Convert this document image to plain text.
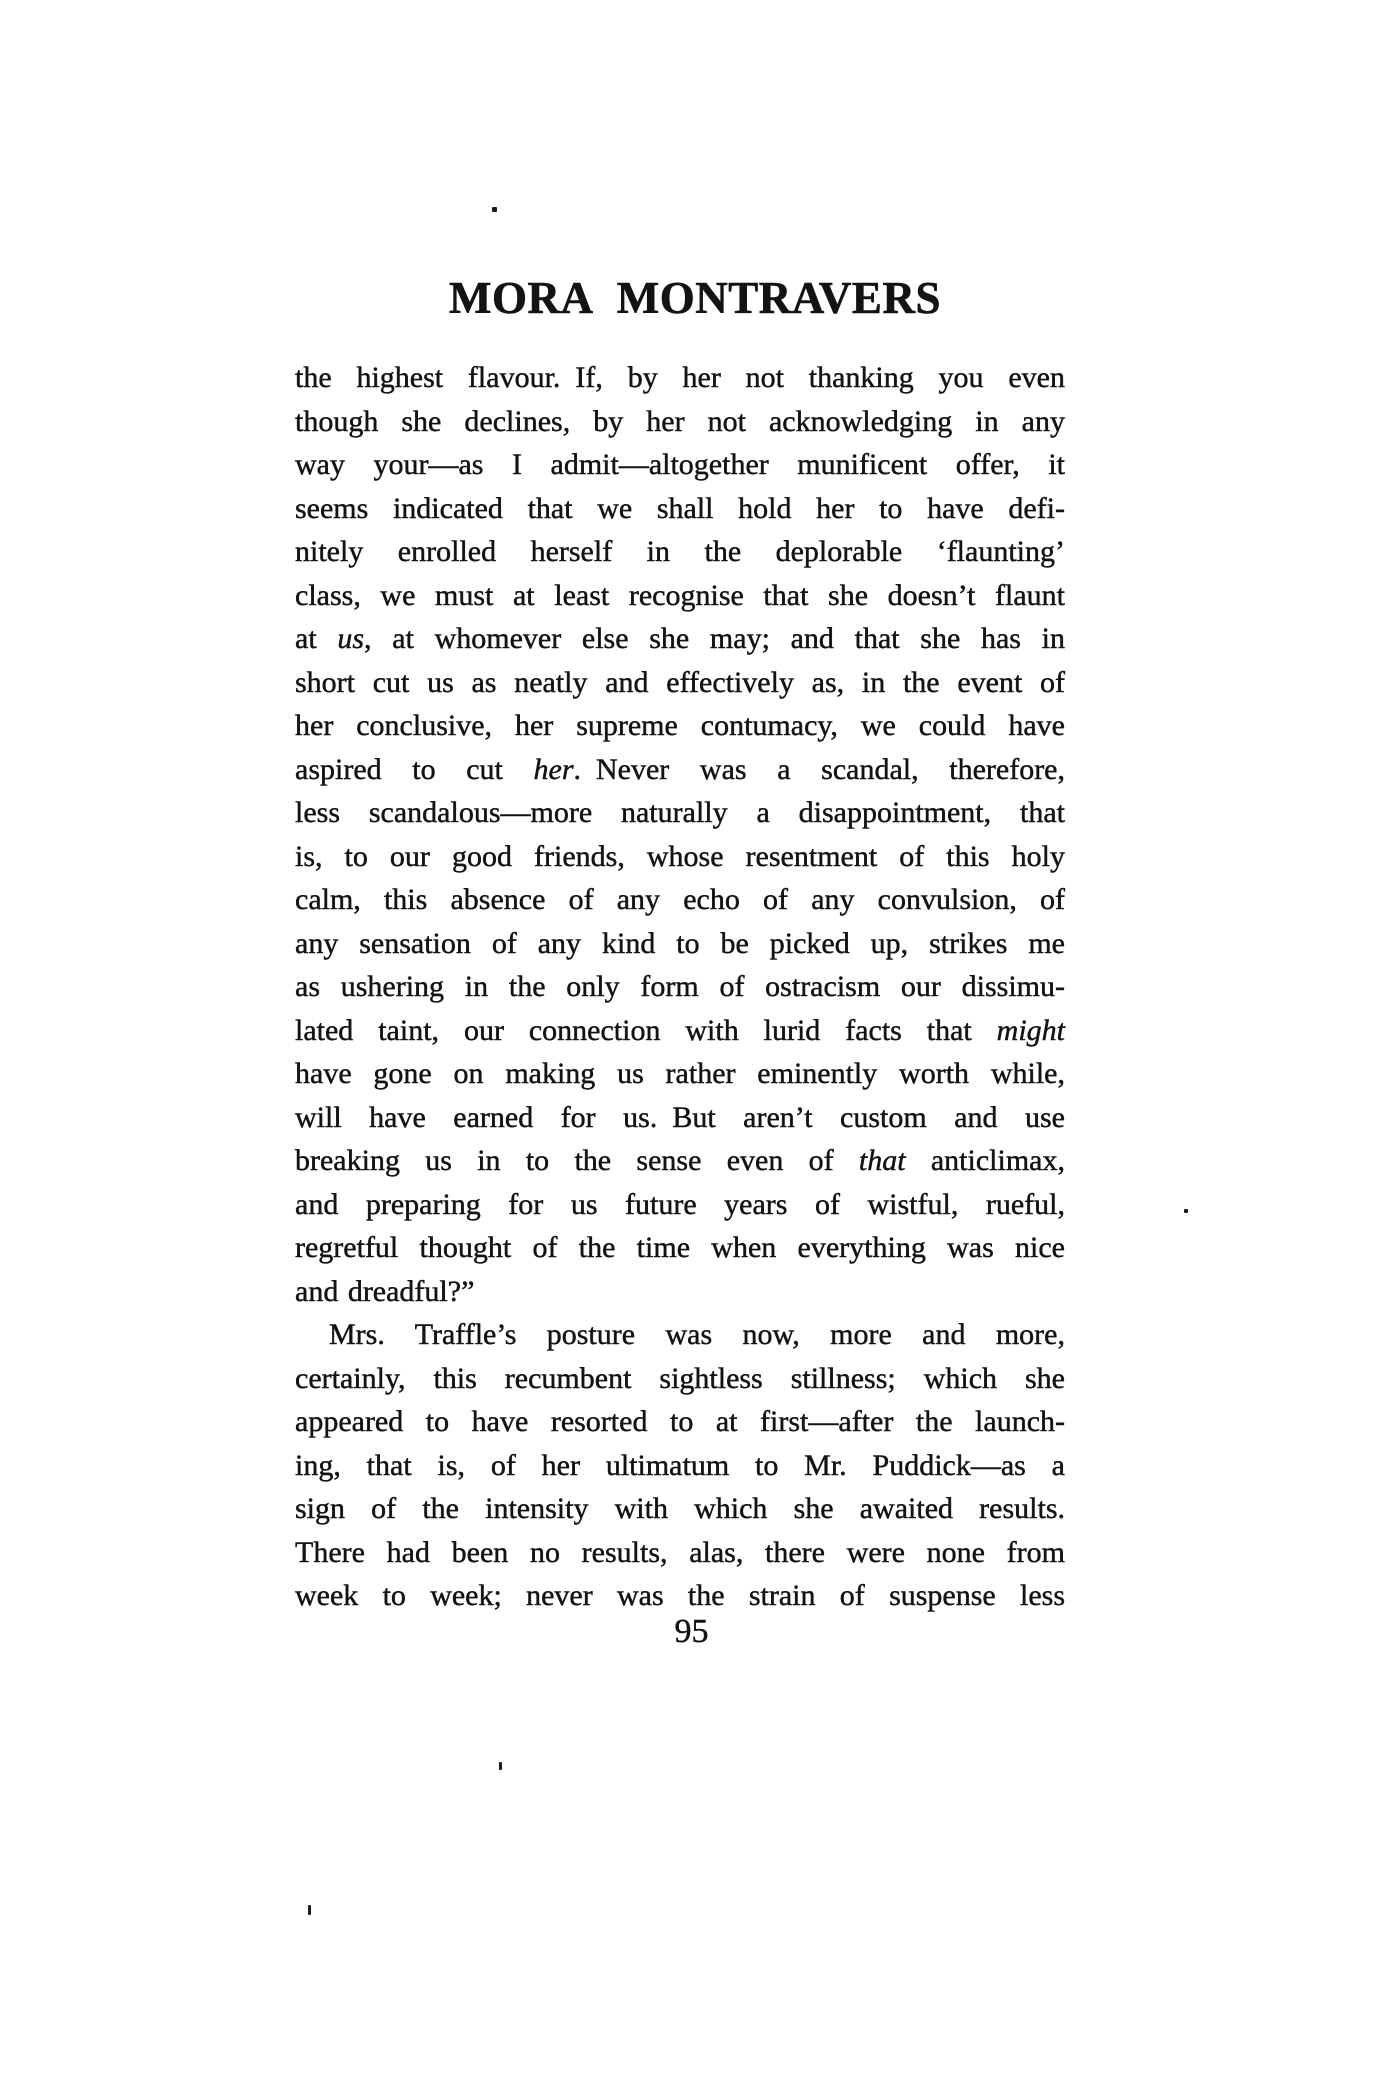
MORA MONTRAVERS
the highest flavour. If, by her not thanking you even
though she declines, by her not acknowledging in any
way your—as I admit—altogether munificent offer, it
seems indicated that we shall hold her to have defi-
nitely enrolled herself in the deplorable ‘flaunting’
class, we must at least recognise that she doesn’t flaunt
at us, at whomever else she may; and that she has in
short cut us as neatly and effectively as, in the event of
her conclusive, her supreme contumacy, we could have
aspired to cut her. Never was a scandal, therefore,
less scandalous—more naturally a disappointment, that
is, to our good friends, whose resentment of this holy
calm, this absence of any echo of any convulsion, of
any sensation of any kind to be picked up, strikes me
as ushering in the only form of ostracism our dissimu-
lated taint, our connection with lurid facts that might
have gone on making us rather eminently worth while,
will have earned for us. But aren’t custom and use
breaking us in to the sense even of that anticlimax,
and preparing for us future years of wistful, rueful,
regretful thought of the time when everything was nice
and dreadful?”
Mrs. Traffle’s posture was now, more and more,
certainly, this recumbent sightless stillness; which she
appeared to have resorted to at first—after the launch-
ing, that is, of her ultimatum to Mr. Puddick—as a
sign of the intensity with which she awaited results.
There had been no results, alas, there were none from
week to week; never was the strain of suspense less
95
